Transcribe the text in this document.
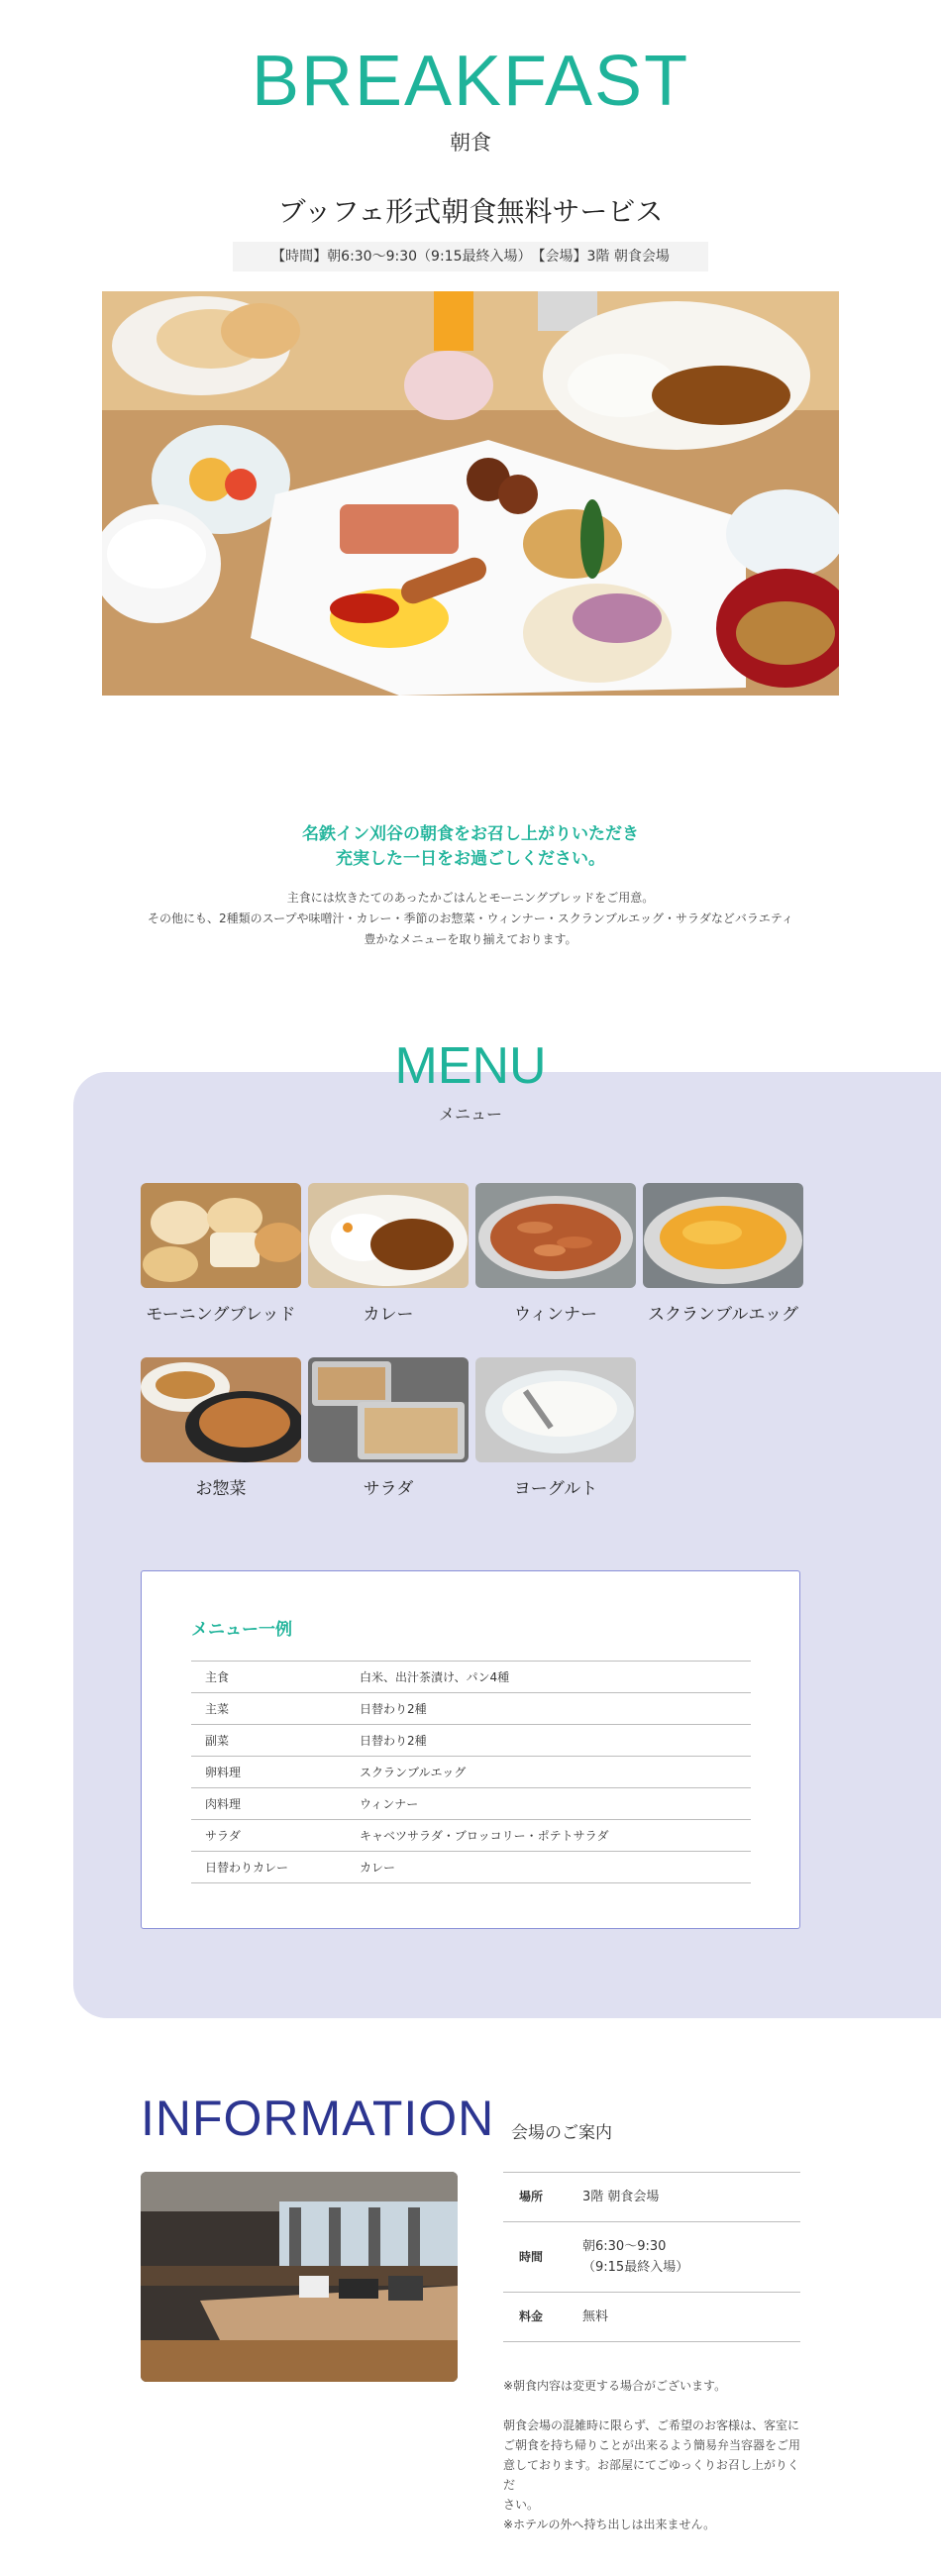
BREAKFAST
朝食
ブッフェ形式朝食無料サービス
【時間】朝6:30〜9:30（9:15最終入場）　【会場】3階 朝食会場
名鉄イン刈谷の朝食をお召し上がりいただき
充実した一日をお過ごしください。
主食には炊きたてのあったかごはんとモーニングブレッドをご用意。
その他にも、2種類のスープや味噌汁・カレー・季節のお惣菜・ウィンナー・スクランブルエッグ・サラダなどバラエティ
豊かなメニューを取り揃えております。
MENU
メニュー
モーニングブレッド	カレー	ウィンナー	スクランブルエッグ
お惣菜	サラダ	ヨーグルト
メニュー一例
主食	白米、出汁茶漬け、パン4種
主菜	日替わり2種
副菜	日替わり2種
卵料理	スクランブルエッグ
肉料理	ウィンナー
サラダ	キャベツサラダ・ブロッコリー・ポテトサラダ
日替わりカレー	カレー
INFORMATION 会場のご案内
場所	3階 朝食会場
時間	朝6:30〜9:30
（9:15最終入場）

料金	無料

※朝食内容は変更する場合がございます。

朝食会場の混雑時に限らず、ご希望のお客様は、客室に
ご朝食を持ち帰りことが出来るよう簡易弁当容器をご用
意しております。お部屋にてごゆっくりお召し上がりくだ
さい。

※ホテルの外へ持ち出しは出来ません。
